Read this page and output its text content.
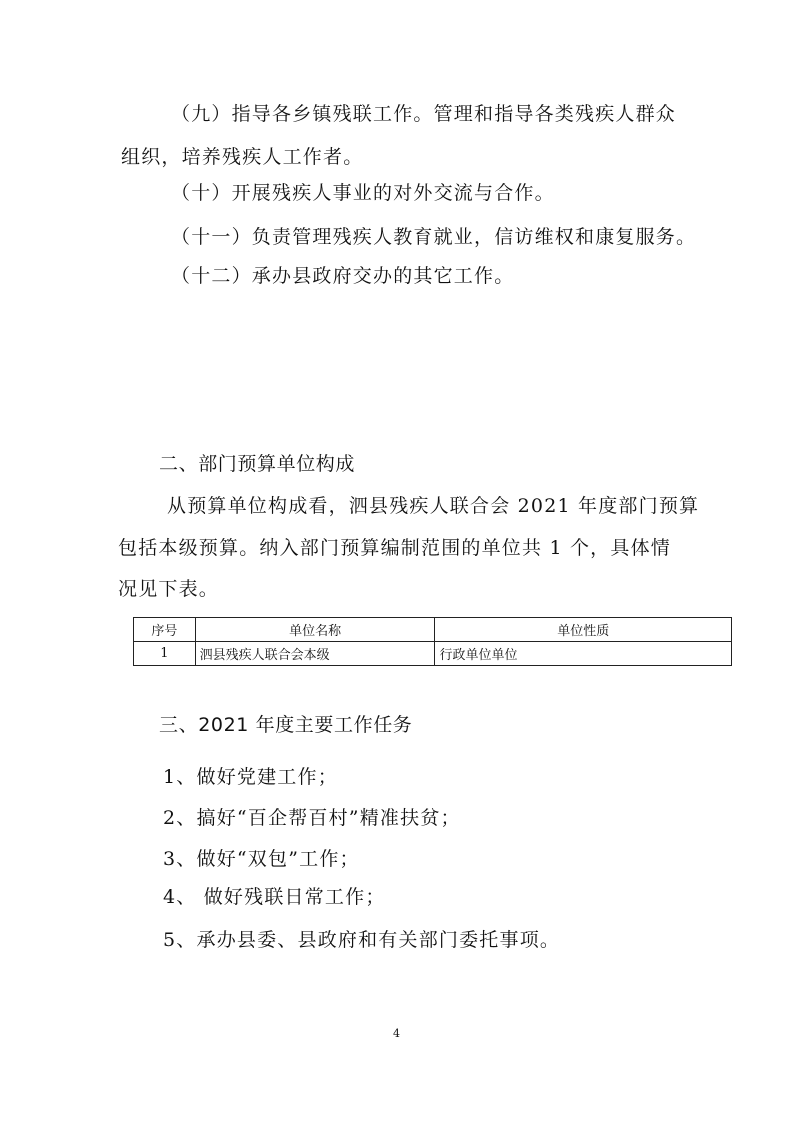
（九）指导各乡镇残联工作。管理和指导各类残疾人群众
组织，培养残疾人工作者。
（十）开展残疾人事业的对外交流与合作。
（十一）负责管理残疾人教育就业，信访维权和康复服务。
（十二）承办县政府交办的其它工作。
二、部门预算单位构成
从预算单位构成看，泗县残疾人联合会 2021 年度部门预算
包括本级预算。纳入部门预算编制范围的单位共 1 个，具体情
况见下表。
序号	单位名称	单位性质
1	泗县残疾人联合会本级	行政单位单位
三、2021 年度主要工作任务
1、做好党建工作；
2、搞好“百企帮百村”精准扶贫；
3、做好“双包”工作；
4、 做好残联日常工作；
5、承办县委、县政府和有关部门委托事项。
4
